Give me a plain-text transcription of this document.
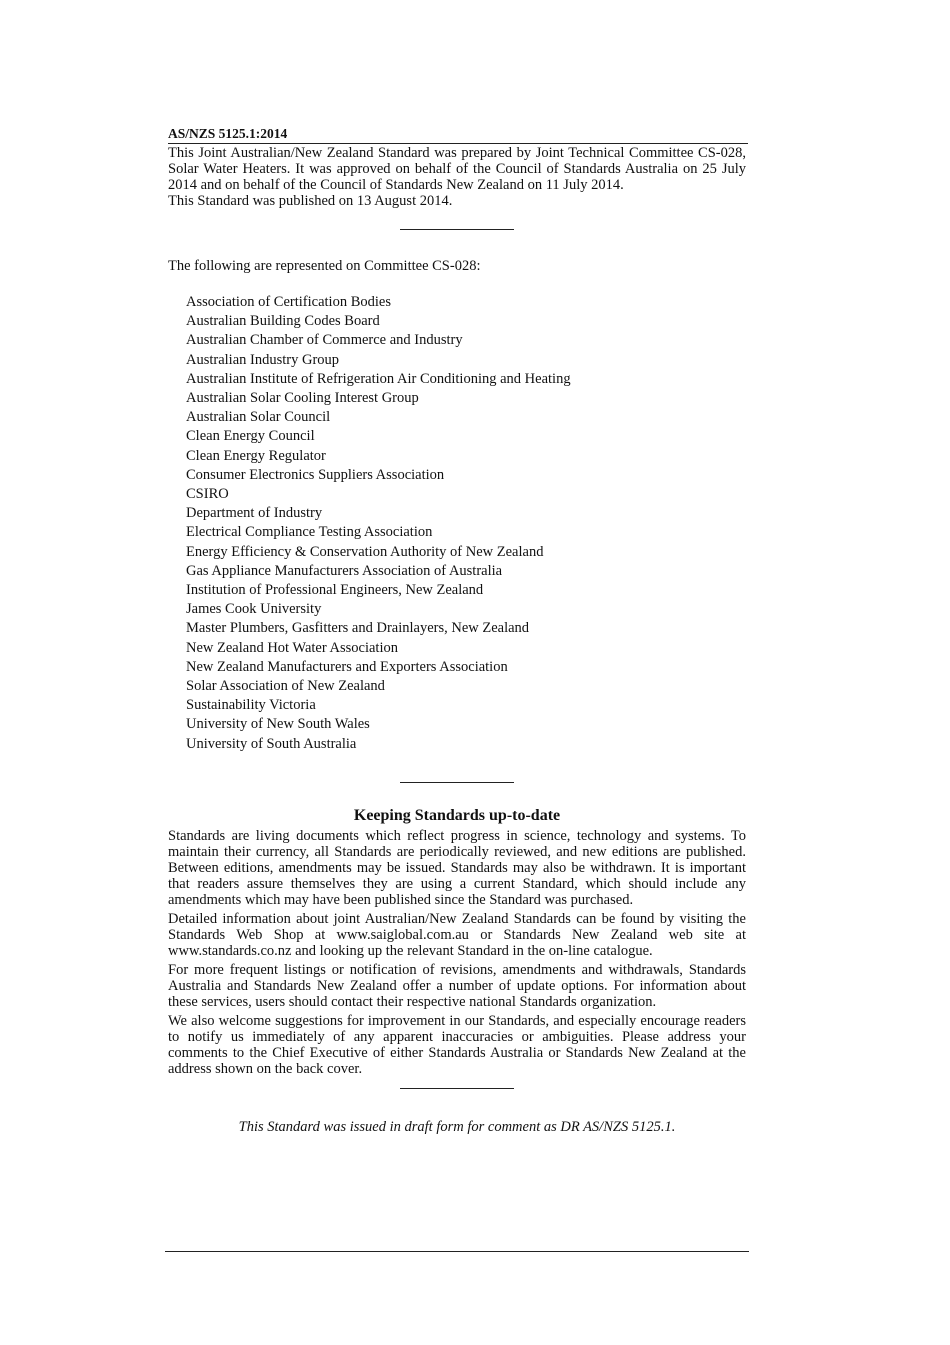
AS/NZS 5125.1:2014

This Joint Australian/New Zealand Standard was prepared by Joint Technical Committee CS-028, Solar Water Heaters. It was approved on behalf of the Council of Standards Australia on 25 July 2014 and on behalf of the Council of Standards New Zealand on 11 July 2014.

This Standard was published on 13 August 2014.

The following are represented on Committee CS-028:

Association of Certification Bodies
Australian Building Codes Board
Australian Chamber of Commerce and Industry
Australian Industry Group
Australian Institute of Refrigeration Air Conditioning and Heating
Australian Solar Cooling Interest Group
Australian Solar Council
Clean Energy Council
Clean Energy Regulator
Consumer Electronics Suppliers Association
CSIRO
Department of Industry
Electrical Compliance Testing Association
Energy Efficiency & Conservation Authority of New Zealand
Gas Appliance Manufacturers Association of Australia
Institution of Professional Engineers, New Zealand
James Cook University
Master Plumbers, Gasfitters and Drainlayers, New Zealand
New Zealand Hot Water Association
New Zealand Manufacturers and Exporters Association
Solar Association of New Zealand
Sustainability Victoria
University of New South Wales
University of South Australia
Keeping Standards up-to-date

Standards are living documents which reflect progress in science, technology and systems. To maintain their currency, all Standards are periodically reviewed, and new editions are published. Between editions, amendments may be issued. Standards may also be withdrawn. It is important that readers assure themselves they are using a current Standard, which should include any amendments which may have been published since the Standard was purchased.

Detailed information about joint Australian/New Zealand Standards can be found by visiting the Standards Web Shop at www.saiglobal.com.au or Standards New Zealand web site at www.standards.co.nz and looking up the relevant Standard in the on-line catalogue.

For more frequent listings or notification of revisions, amendments and withdrawals, Standards Australia and Standards New Zealand offer a number of update options. For information about these services, users should contact their respective national Standards organization.

We also welcome suggestions for improvement in our Standards, and especially encourage readers to notify us immediately of any apparent inaccuracies or ambiguities. Please address your comments to the Chief Executive of either Standards Australia or Standards New Zealand at the address shown on the back cover.

This Standard was issued in draft form for comment as DR AS/NZS 5125.1.
